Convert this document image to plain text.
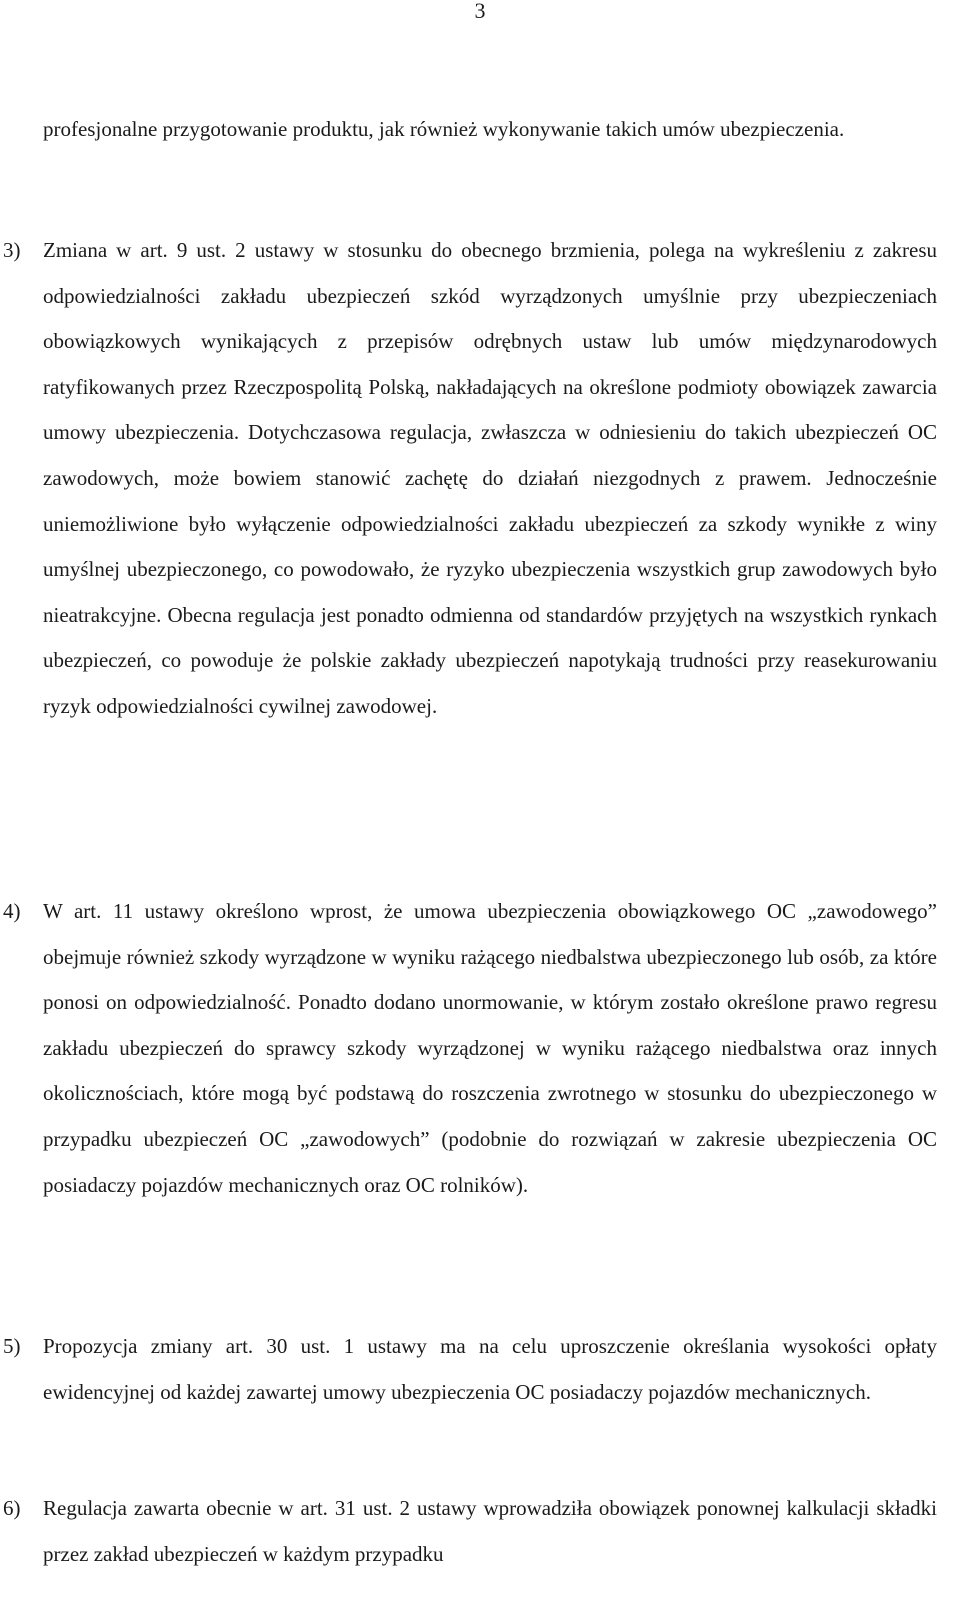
3

profesjonalne przygotowanie produktu, jak również wykonywanie takich umów ubezpieczenia.

3) Zmiana w art. 9 ust. 2 ustawy w stosunku do obecnego brzmienia, polega na wykreśleniu z zakresu odpowiedzialności zakładu ubezpieczeń szkód wyrządzonych umyślnie przy ubezpieczeniach obowiązkowych wynikających z przepisów odrębnych ustaw lub umów międzynarodowych ratyfikowanych przez Rzeczpospolitą Polską, nakładających na określone podmioty obowiązek zawarcia umowy ubezpieczenia. Dotychczasowa regulacja, zwłaszcza w odniesieniu do takich ubezpieczeń OC zawodowych, może bowiem stanowić zachętę do działań niezgodnych z prawem. Jednocześnie uniemożliwione było wyłączenie odpowiedzialności zakładu ubezpieczeń za szkody wynikłe z winy umyślnej ubezpieczonego, co powodowało, że ryzyko ubezpieczenia wszystkich grup zawodowych było nieatrakcyjne. Obecna regulacja jest ponadto odmienna od standardów przyjętych na wszystkich rynkach ubezpieczeń, co powoduje że polskie zakłady ubezpieczeń napotykają trudności przy reasekurowaniu ryzyk odpowiedzialności cywilnej zawodowej.
4) W art. 11 ustawy określono wprost, że umowa ubezpieczenia obowiązkowego OC „zawodowego” obejmuje również szkody wyrządzone w wyniku rażącego niedbalstwa ubezpieczonego lub osób, za które ponosi on odpowiedzialność. Ponadto dodano unormowanie, w którym zostało określone prawo regresu zakładu ubezpieczeń do sprawcy szkody wyrządzonej w wyniku rażącego niedbalstwa oraz innych okolicznościach, które mogą być podstawą do roszczenia zwrotnego w stosunku do ubezpieczonego w przypadku ubezpieczeń OC „zawodowych” (podobnie do rozwiązań w zakresie ubezpieczenia OC posiadaczy pojazdów mechanicznych oraz OC rolników).
5) Propozycja zmiany art. 30 ust. 1 ustawy ma na celu uproszczenie określania wysokości opłaty ewidencyjnej od każdej zawartej umowy ubezpieczenia OC posiadaczy pojazdów mechanicznych.
6) Regulacja zawarta obecnie w art. 31 ust. 2 ustawy wprowadziła obowiązek ponownej kalkulacji składki przez zakład ubezpieczeń w każdym przypadku
